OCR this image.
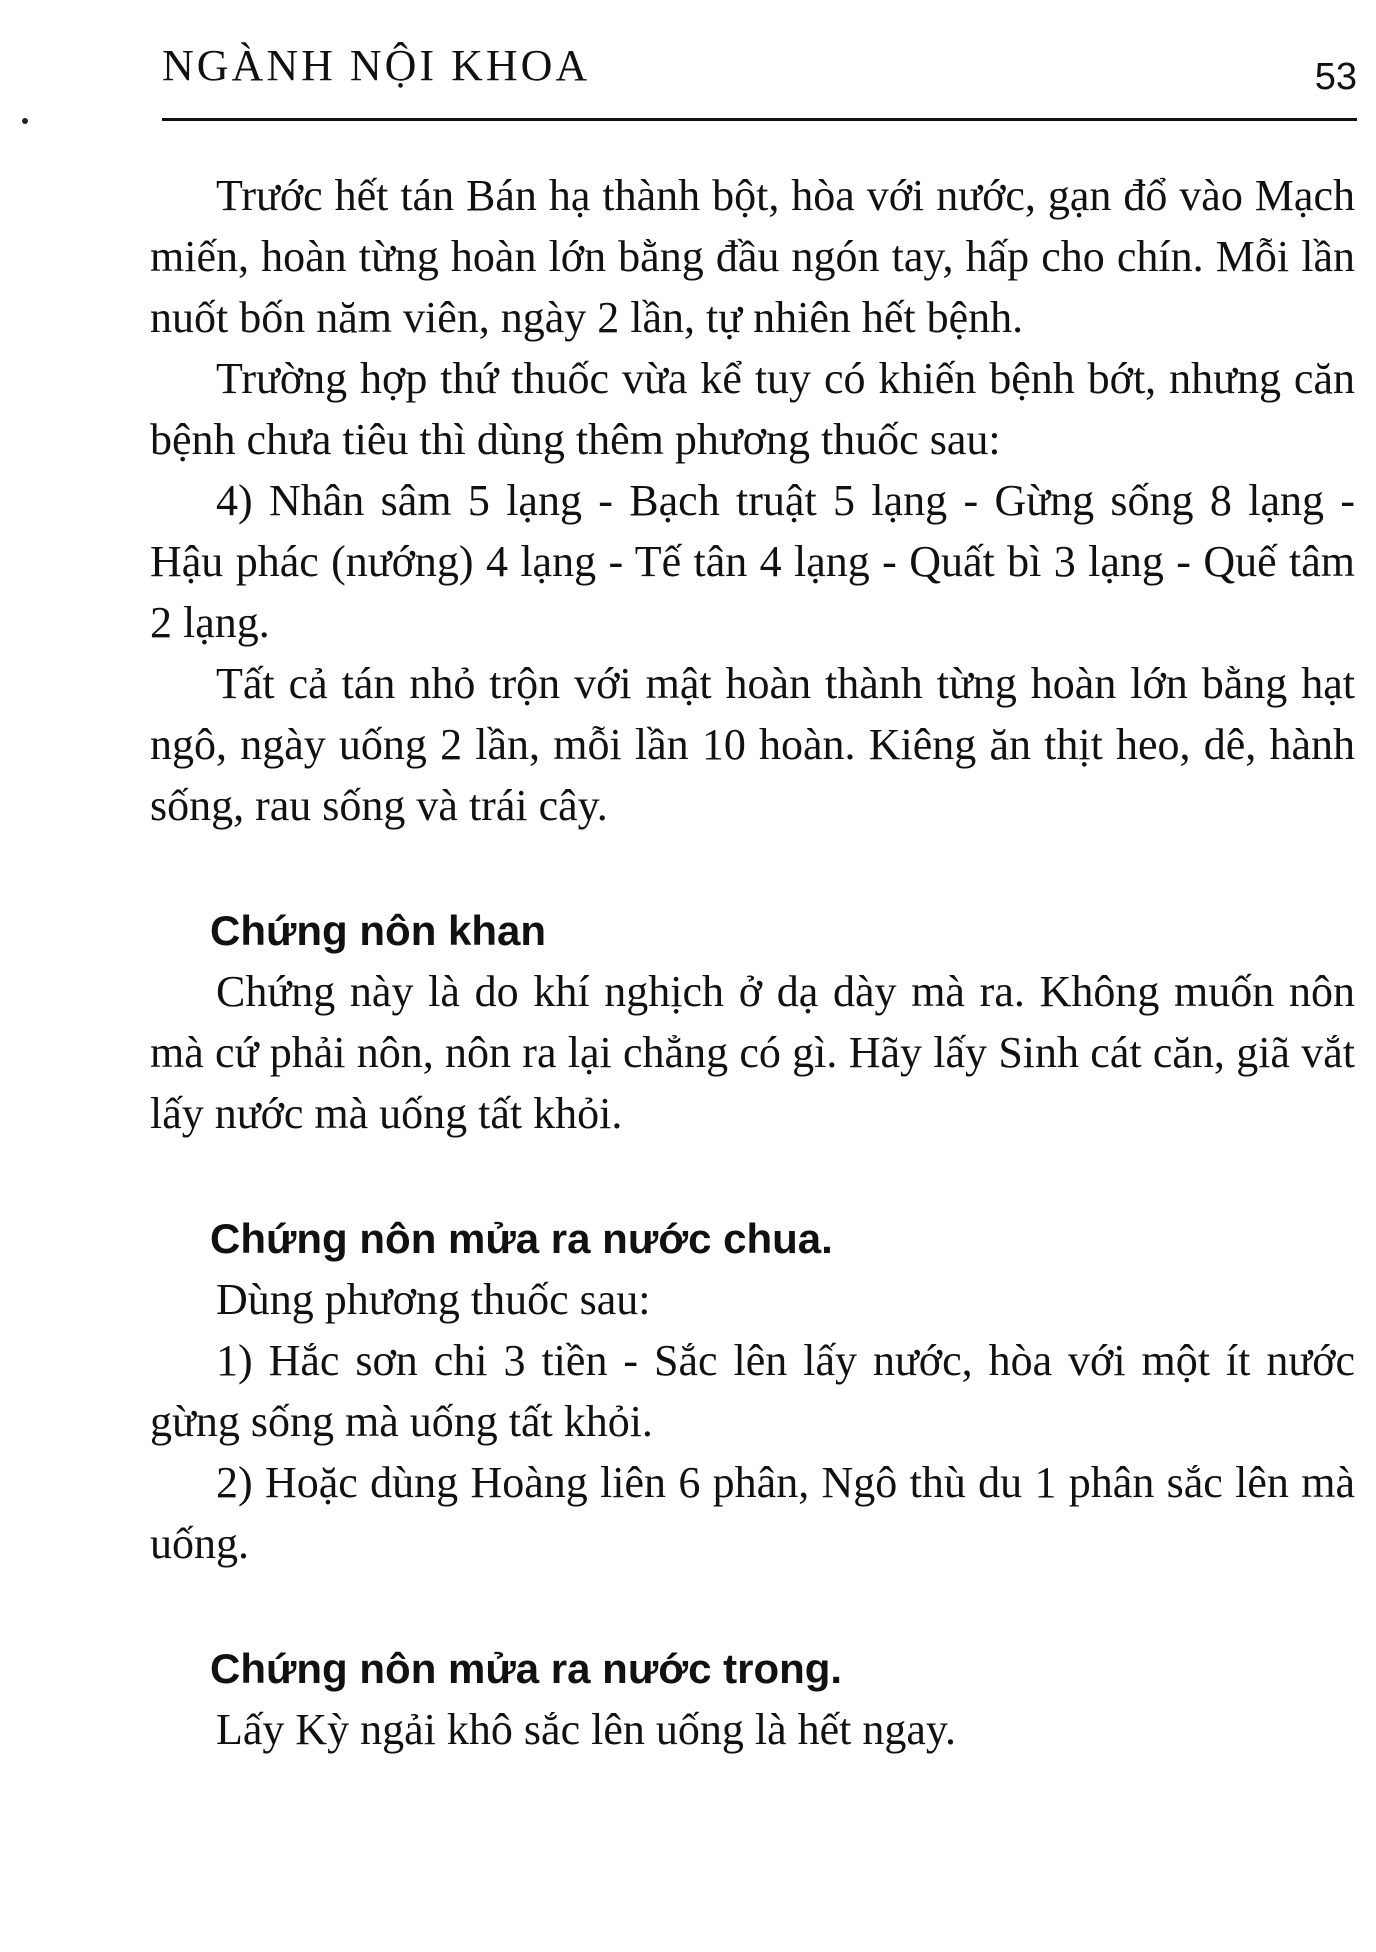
NGÀNH NỘI KHOA	53

Trước hết tán Bán hạ thành bột, hòa với nước, gạn đổ vào Mạch miến, hoàn từng hoàn lớn bằng đầu ngón tay, hấp cho chín. Mỗi lần nuốt bốn năm viên, ngày 2 lần, tự nhiên hết bệnh.

Trường hợp thứ thuốc vừa kể tuy có khiến bệnh bớt, nhưng căn bệnh chưa tiêu thì dùng thêm phương thuốc sau:

4) Nhân sâm 5 lạng - Bạch truật 5 lạng - Gừng sống 8 lạng - Hậu phác (nướng) 4 lạng - Tế tân 4 lạng - Quất bì 3 lạng - Quế tâm 2 lạng.

Tất cả tán nhỏ trộn với mật hoàn thành từng hoàn lớn bằng hạt ngô, ngày uống 2 lần, mỗi lần 10 hoàn. Kiêng ăn thịt heo, dê, hành sống, rau sống và trái cây.

Chứng nôn khan

Chứng này là do khí nghịch ở dạ dày mà ra. Không muốn nôn mà cứ phải nôn, nôn ra lại chẳng có gì. Hãy lấy Sinh cát căn, giã vắt lấy nước mà uống tất khỏi.

Chứng nôn mửa ra nước chua.

Dùng phương thuốc sau:

1) Hắc sơn chi 3 tiền - Sắc lên lấy nước, hòa với một ít nước gừng sống mà uống tất khỏi.

2) Hoặc dùng Hoàng liên 6 phân, Ngô thù du 1 phân sắc lên mà uống.

Chứng nôn mửa ra nước trong.

Lấy Kỳ ngải khô sắc lên uống là hết ngay.
